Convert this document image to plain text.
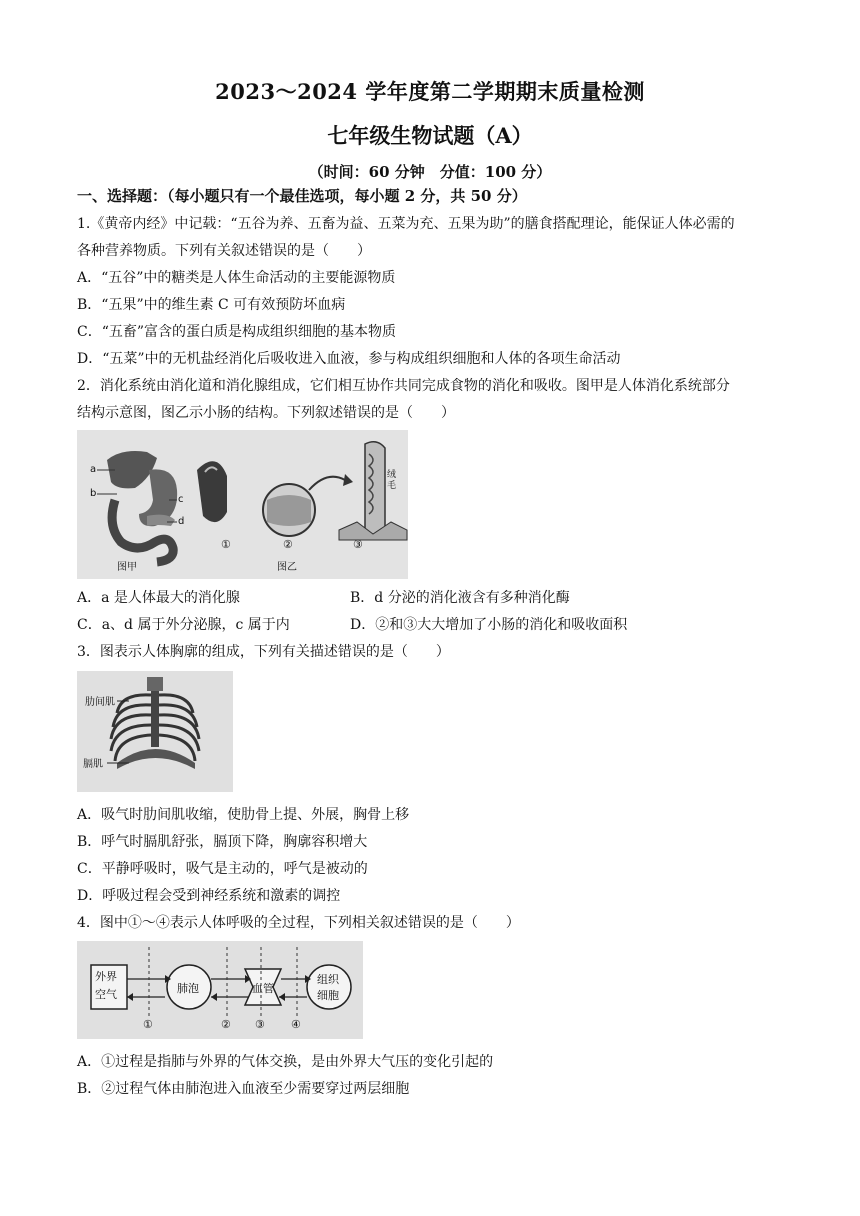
2023～2024 学年度第二学期期末质量检测
七年级生物试题（A）
（时间：60 分钟　分值：100 分）
一、选择题：（每小题只有一个最佳选项，每小题 2 分，共 50 分）
1.《黄帝内经》中记载：“五谷为养、五畜为益、五菜为充、五果为助”的膳食搭配理论，能保证人体必需的
各种营养物质。下列有关叙述错误的是（　　）
A．“五谷”中的糖类是人体生命活动的主要能源物质
B．“五果”中的维生素 C 可有效预防坏血病
C．“五畜”富含的蛋白质是构成组织细胞的基本物质
D．“五菜”中的无机盐经消化后吸收进入血液，参与构成组织细胞和人体的各项生命活动
2．消化系统由消化道和消化腺组成，它们相互协作共同完成食物的消化和吸收。图甲是人体消化系统部分
结构示意图，图乙示小肠的结构。下列叙述错误的是（　　）
a
b
c
d
绒毛
①	②	③
图甲	图乙
A．a 是人体最大的消化腺	B．d 分泌的消化液含有多种消化酶
C．a、d 属于外分泌腺，c 属于内	D．②和③大大增加了小肠的消化和吸收面积
3．图表示人体胸廓的组成，下列有关描述错误的是（　　）
肋间肌
膈肌
A．吸气时肋间肌收缩，使肋骨上提、外展，胸骨上移
B．呼气时膈肌舒张，膈顶下降，胸廓容积增大
C．平静呼吸时，吸气是主动的，呼气是被动的
D．呼吸过程会受到神经系统和激素的调控
4．图中①～④表示人体呼吸的全过程，下列相关叙述错误的是（　　）
外界
空气	肺泡	血管
组织
细胞
①	② ③ ④
A．①过程是指肺与外界的气体交换，是由外界大气压的变化引起的
B．②过程气体由肺泡进入血液至少需要穿过两层细胞
